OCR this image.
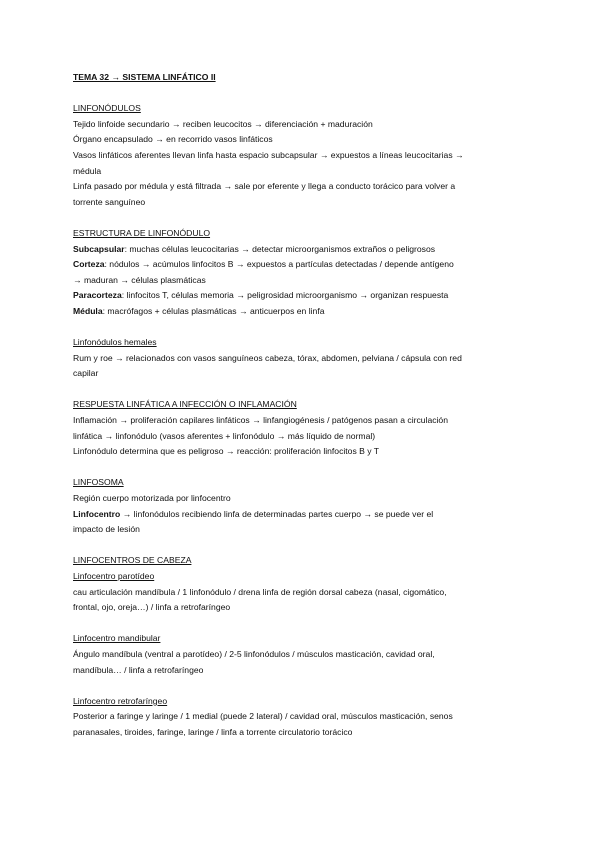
TEMA 32 → SISTEMA LINFÁTICO II
LINFONÓDULOS
Tejido linfoide secundario → reciben leucocitos → diferenciación + maduración
Órgano encapsulado → en recorrido vasos linfáticos
Vasos linfáticos aferentes llevan linfa hasta espacio subcapsular → expuestos a líneas leucocitarias →
médula
Linfa pasado por médula y está filtrada → sale por eferente y llega a conducto torácico para volver a
torrente sanguíneo
ESTRUCTURA DE LINFONÓDULO
Subcapsular: muchas células leucocitarias → detectar microorganismos extraños o peligrosos
Corteza: nódulos → acúmulos linfocitos B → expuestos a partículas detectadas / depende antígeno
→ maduran → células plasmáticas
Paracorteza: linfocitos T, células memoria → peligrosidad microorganismo → organizan respuesta
Médula: macrófagos + células plasmáticas → anticuerpos en linfa
Linfonódulos hemales
Rum y roe → relacionados con vasos sanguíneos cabeza, tórax, abdomen, pelviana / cápsula con red
capilar
RESPUESTA LINFÁTICA A INFECCIÓN O INFLAMACIÓN
Inflamación → proliferación capilares linfáticos → linfangiogénesis / patógenos pasan a circulación
linfática → linfonódulo (vasos aferentes + linfonódulo → más líquido de normal)
Linfonódulo determina que es peligroso → reacción: proliferación linfocitos B y T
LINFOSOMA
Región cuerpo motorizada por linfocentro
Linfocentro → linfonódulos recibiendo linfa de determinadas partes cuerpo → se puede ver el
impacto de lesión
LINFOCENTROS DE CABEZA
Linfocentro parotídeo
cau articulación mandíbula / 1 linfonódulo / drena linfa de región dorsal cabeza (nasal, cigomático,
frontal, ojo, oreja…) / linfa a retrofaríngeo
Linfocentro mandibular
Ángulo mandíbula (ventral a parotídeo) / 2-5 linfonódulos / músculos masticación, cavidad oral,
mandíbula… / linfa a retrofaríngeo
Linfocentro retrofaríngeo
Posterior a faringe y laringe / 1 medial (puede 2 lateral) / cavidad oral, músculos masticación, senos
paranasales, tiroides, faringe, laringe / linfa a torrente circulatorio torácico
